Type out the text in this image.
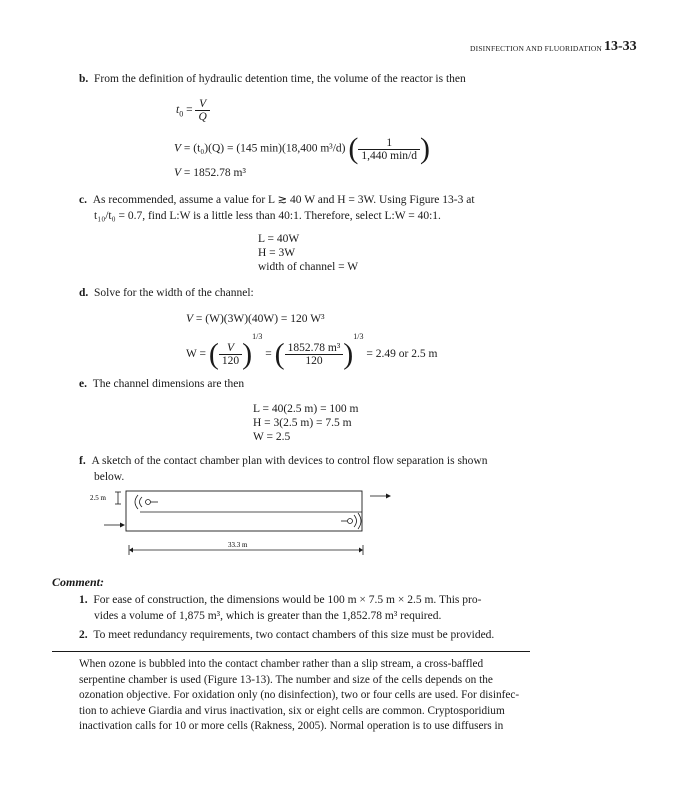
DISINFECTION AND FLUORIDATION 13-33
b. From the definition of hydraulic detention time, the volume of the reactor is then
$t_0 = \frac{V}{Q}$
V = (t₀)(Q) = (145 min)(18,400 m³/d) ( $\frac{1}{1,440 \min/d}$ )
V = 1852.78 m³
c. As recommended, assume a value for L ≳ 40 W and H = 3W. Using Figure 13-3 at
t₁₀/t₀ = 0.7, find L:W is a little less than 40:1. Therefore, select L:W = 40:1.
L = 40W
H = 3W
width of channel = W
d. Solve for the width of the channel:
V = (W)(3W)(40W) = 120 W³
W = ( $\frac{V}{120} )^{1/3}$ = ( $\frac{\text{1852.78 m³}}{120} )^{1/3} = 2.49$ or 2.5 m
e. The channel dimensions are then
L = 40(2.5 m) = 100 m
H = 3(2.5 m) = 7.5 m
W = 2.5
f. A sketch of the contact chamber plan with devices to control flow separation is shown
below.
2.5 m
33.3 m
Comment:
1. For ease of construction, the dimensions would be 100 m × 7.5 m × 2.5 m. This pro-
vides a volume of 1,875 m³, which is greater than the 1,852.78 m³ required.
2. To meet redundancy requirements, two contact chambers of this size must be provided.
When ozone is bubbled into the contact chamber rather than a slip stream, a cross-baffled
serpentine chamber is used (Figure 13-13). The number and size of the cells depends on the
ozonation objective. For oxidation only (no disinfection), two or four cells are used. For disinfec-
tion to achieve Giardia and virus inactivation, six or eight cells are common. Cryptosporidium
inactivation calls for 10 or more cells (Rakness, 2005). Normal operation is to use diffusers in
